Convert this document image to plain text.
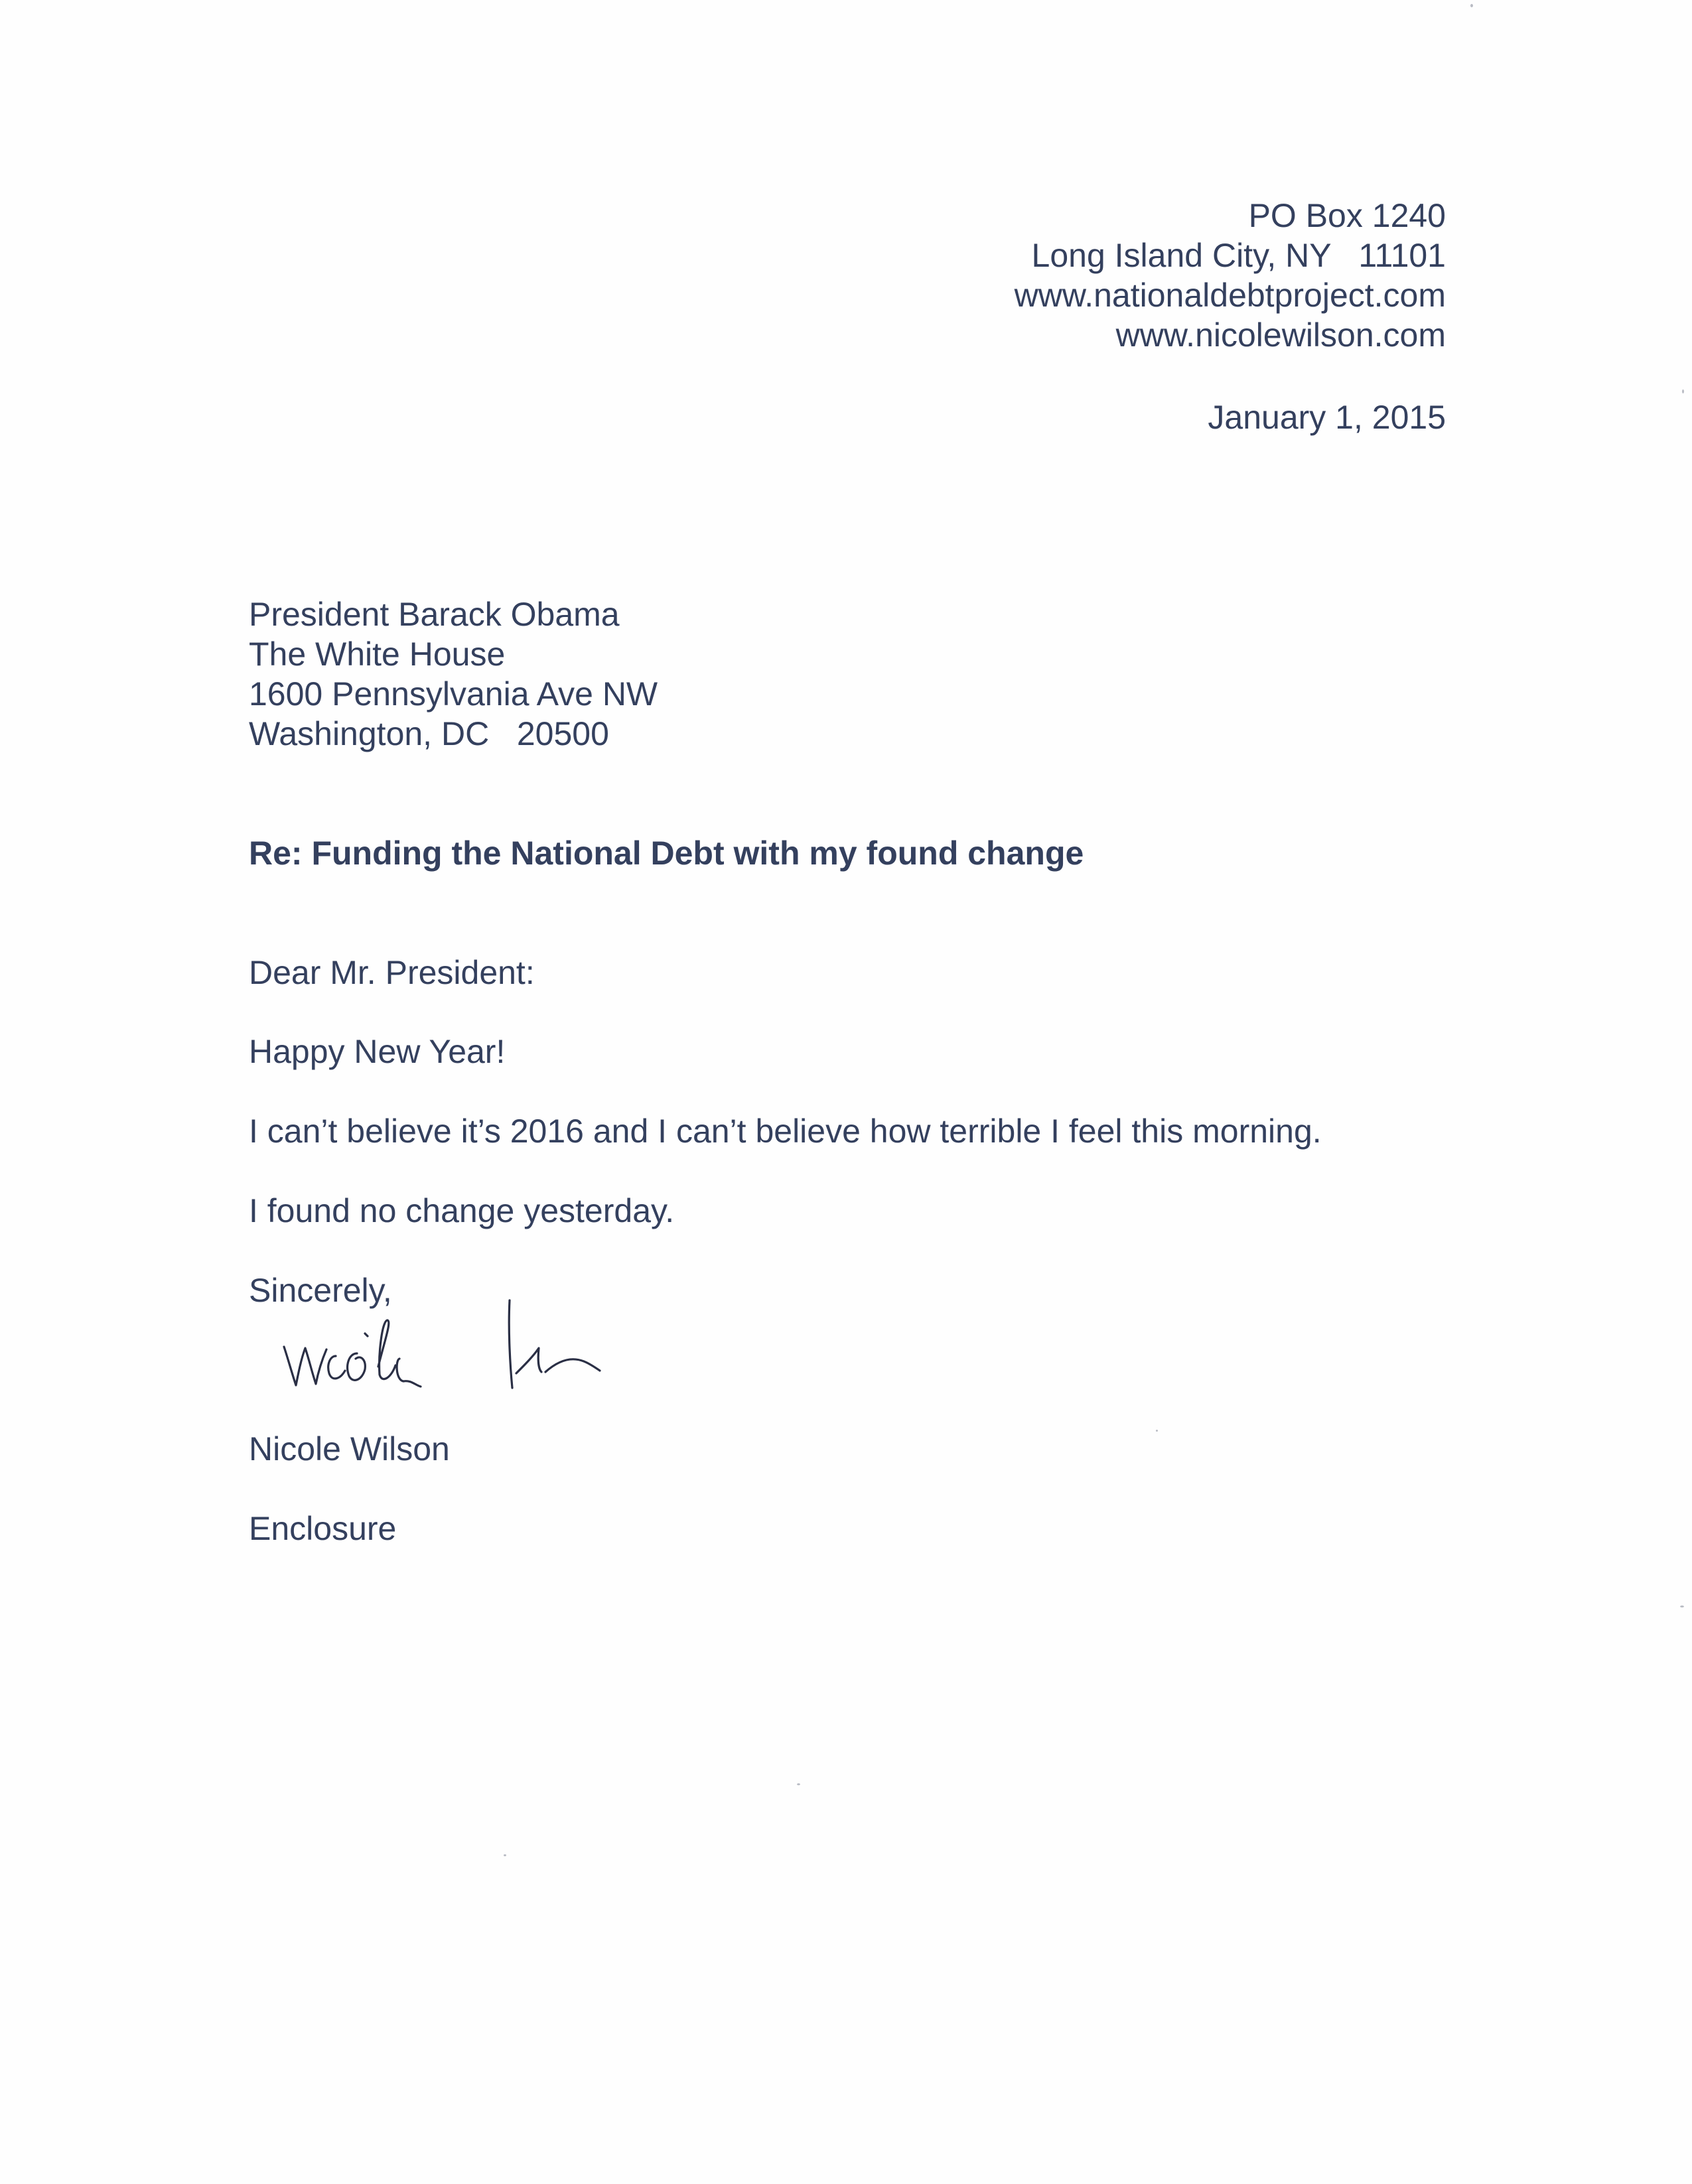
PO Box 1240
Long Island City, NY   11101
www.nationaldebtproject.com
www.nicolewilson.com
January 1, 2015
President Barack Obama
The White House
1600 Pennsylvania Ave NW
Washington, DC   20500
Re: Funding the National Debt with my found change
Dear Mr. President:
Happy New Year!
I can’t believe it’s 2016 and I can’t believe how terrible I feel this morning.
I found no change yesterday.
Sincerely,
Nicole Wilson
Enclosure
